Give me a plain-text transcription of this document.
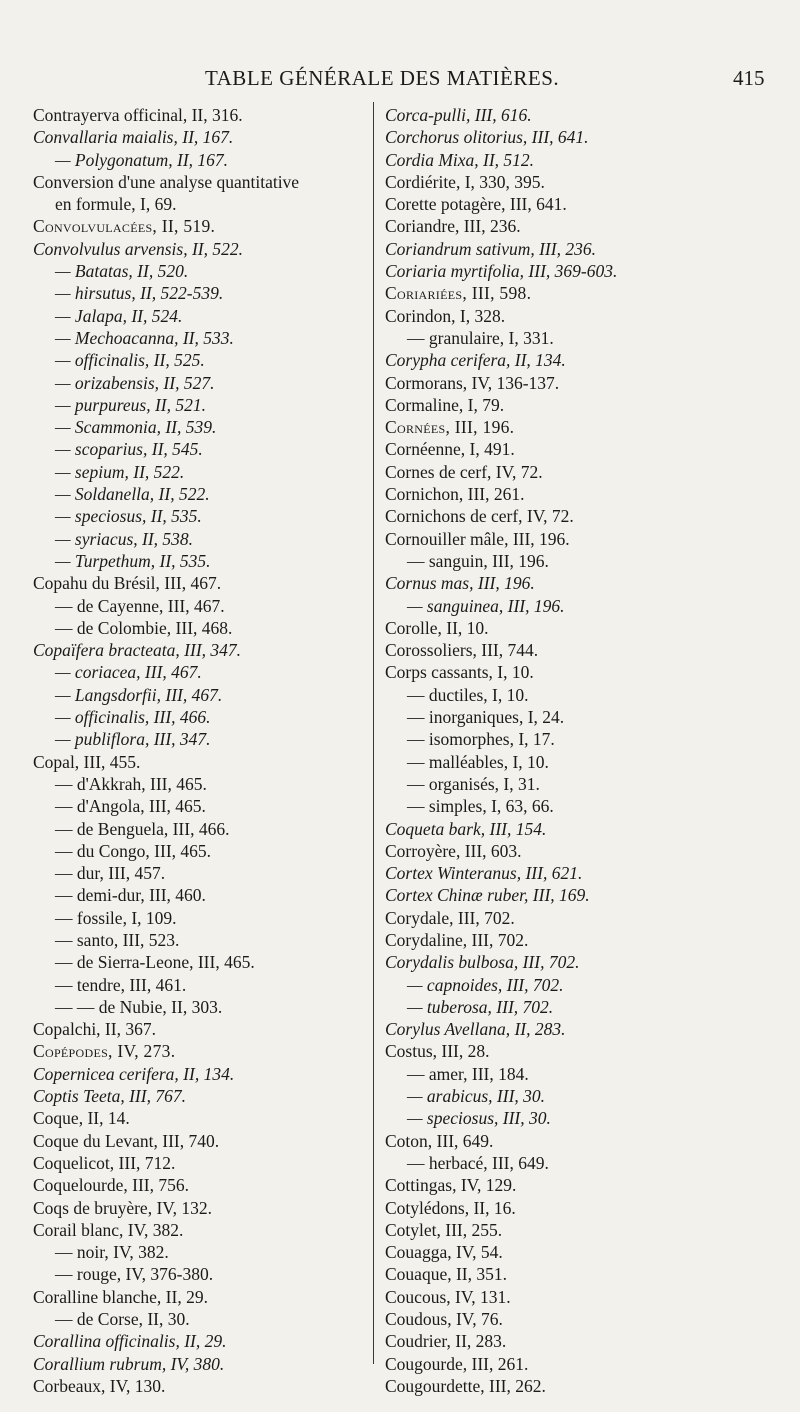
TABLE GÉNÉRALE DES MATIÈRES.	415
Contrayerva officinal, II, 316.
Convallaria maialis, II, 167.
— Polygonatum, II, 167.
Conversion d'une analyse quantitative
en formule, I, 69.
Convolvulacées, II, 519.
Convolvulus arvensis, II, 522.
— Batatas, II, 520.
— hirsutus, II, 522-539.
— Jalapa, II, 524.
— Mechoacanna, II, 533.
— officinalis, II, 525.
— orizabensis, II, 527.
— purpureus, II, 521.
— Scammonia, II, 539.
— scoparius, II, 545.
— sepium, II, 522.
— Soldanella, II, 522.
— speciosus, II, 535.
— syriacus, II, 538.
— Turpethum, II, 535.
Copahu du Brésil, III, 467.
— de Cayenne, III, 467.
— de Colombie, III, 468.
Copaïfera bracteata, III, 347.
— coriacea, III, 467.
— Langsdorfii, III, 467.
— officinalis, III, 466.
— publiflora, III, 347.
Copal, III, 455.
— d'Akkrah, III, 465.
— d'Angola, III, 465.
— de Benguela, III, 466.
— du Congo, III, 465.
— dur, III, 457.
— demi-dur, III, 460.
— fossile, I, 109.
— santo, III, 523.
— de Sierra-Leone, III, 465.
— tendre, III, 461.
— — de Nubie, II, 303.
Copalchi, II, 367.
Copépodes, IV, 273.
Copernicea cerifera, II, 134.
Coptis Teeta, III, 767.
Coque, II, 14.
Coque du Levant, III, 740.
Coquelicot, III, 712.
Coquelourde, III, 756.
Coqs de bruyère, IV, 132.
Corail blanc, IV, 382.
— noir, IV, 382.
— rouge, IV, 376-380.
Coralline blanche, II, 29.
— de Corse, II, 30.
Corallina officinalis, II, 29.
Corallium rubrum, IV, 380.
Corbeaux, IV, 130.
Corca-pulli, III, 616.
Corchorus olitorius, III, 641.
Cordia Mixa, II, 512.
Cordiérite, I, 330, 395.
Corette potagère, III, 641.
Coriandre, III, 236.
Coriandrum sativum, III, 236.
Coriaria myrtifolia, III, 369-603.
Coriariées, III, 598.
Corindon, I, 328.
— granulaire, I, 331.
Corypha cerifera, II, 134.
Cormorans, IV, 136-137.
Cormaline, I, 79.
Cornées, III, 196.
Cornéenne, I, 491.
Cornes de cerf, IV, 72.
Cornichon, III, 261.
Cornichons de cerf, IV, 72.
Cornouiller mâle, III, 196.
— sanguin, III, 196.
Cornus mas, III, 196.
— sanguinea, III, 196.
Corolle, II, 10.
Corossoliers, III, 744.
Corps cassants, I, 10.
— ductiles, I, 10.
— inorganiques, I, 24.
— isomorphes, I, 17.
— malléables, I, 10.
— organisés, I, 31.
— simples, I, 63, 66.
Coqueta bark, III, 154.
Corroyère, III, 603.
Cortex Winteranus, III, 621.
Cortex Chinæ ruber, III, 169.
Corydale, III, 702.
Corydaline, III, 702.
Corydalis bulbosa, III, 702.
— capnoides, III, 702.
— tuberosa, III, 702.
Corylus Avellana, II, 283.
Costus, III, 28.
— amer, III, 184.
— arabicus, III, 30.
— speciosus, III, 30.
Coton, III, 649.
— herbacé, III, 649.
Cottingas, IV, 129.
Cotylédons, II, 16.
Cotylet, III, 255.
Couagga, IV, 54.
Couaque, II, 351.
Coucous, IV, 131.
Coudous, IV, 76.
Coudrier, II, 283.
Cougourde, III, 261.
Cougourdette, III, 262.
